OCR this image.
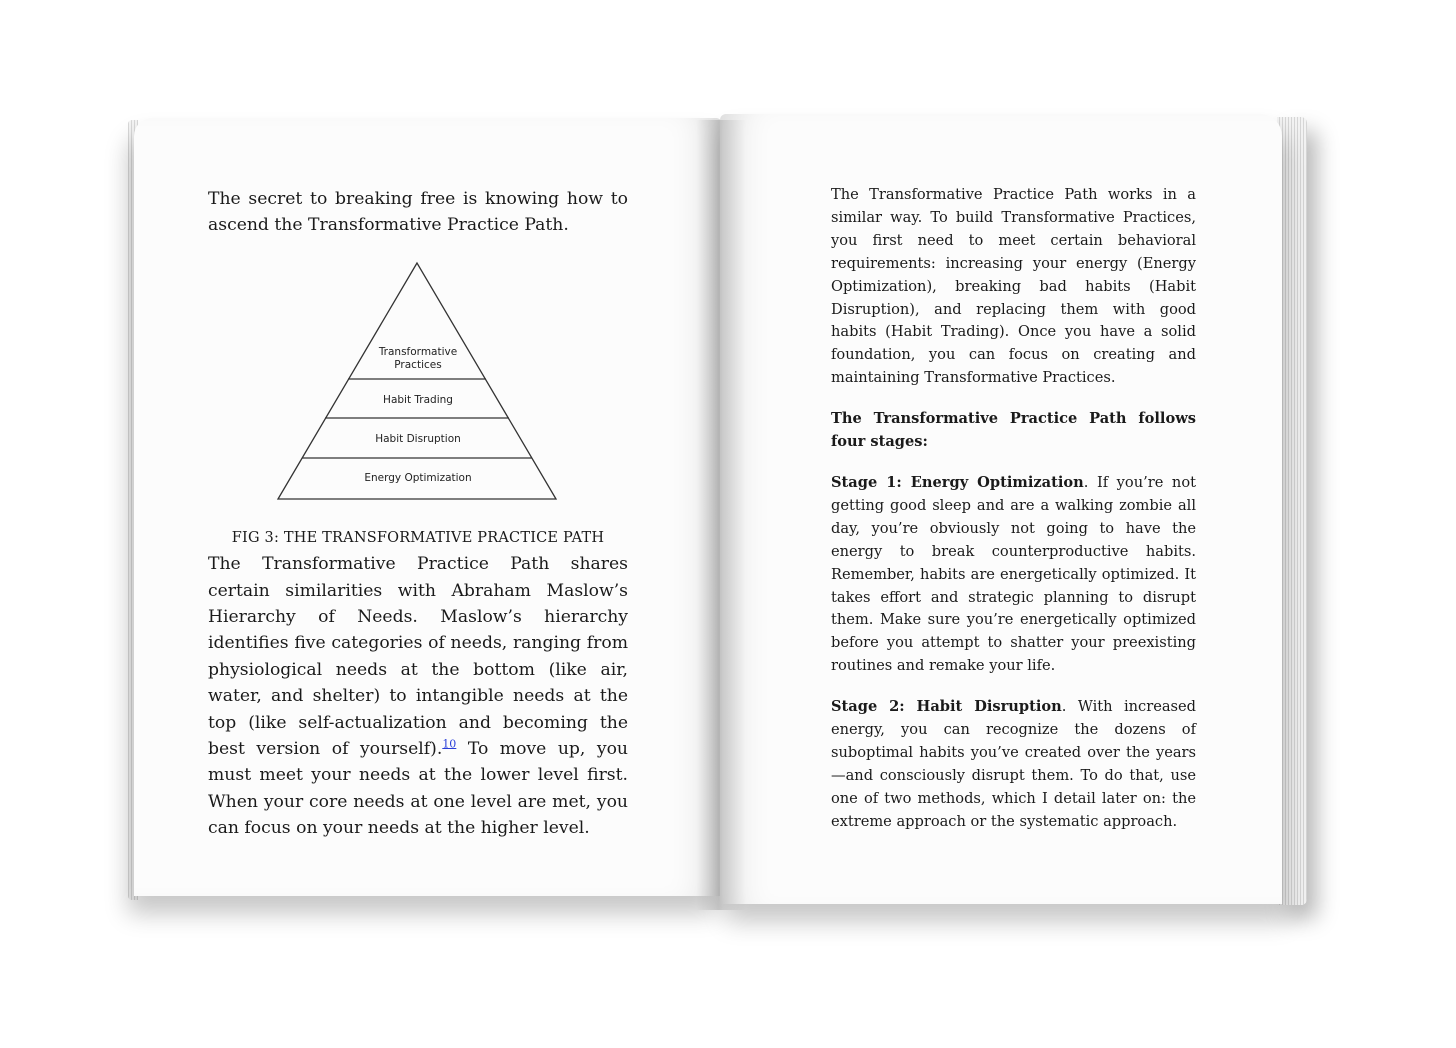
The secret to breaking free is knowing how to ascend the Transformative Practice Path.

Transformative
Practices
Habit Trading
Habit Disruption
Energy Optimization

FIG 3: THE TRANSFORMATIVE PRACTICE PATH

The Transformative Practice Path shares certain similarities with Abraham Maslow’s Hierarchy of Needs. Maslow’s hierarchy identifies five categories of needs, ranging from physiological needs at the bottom (like air, water, and shelter) to intangible needs at the top (like self-actualization and becoming the best version of yourself).$^{10}$ To move up, you must meet your needs at the lower level first. When your core needs at one level are met, you can focus on your needs at the higher level.

The Transformative Practice Path works in a similar way. To build Transformative Practices, you first need to meet certain behavioral requirements: increasing your energy (Energy Optimization), breaking bad habits (Habit Disruption), and replacing them with good habits (Habit Trading). Once you have a solid foundation, you can focus on creating and maintaining Transformative Practices.

The Transformative Practice Path follows four stages:

Stage 1: Energy Optimization. If you’re not getting good sleep and are a walking zombie all day, you’re obviously not going to have the energy to break counterproductive habits. Remember, habits are energetically optimized. It takes effort and strategic planning to disrupt them. Make sure you’re energetically optimized before you attempt to shatter your preexisting routines and remake your life.

Stage 2: Habit Disruption. With increased energy, you can recognize the dozens of suboptimal habits you’ve created over the years—and consciously disrupt them. To do that, use one of two methods, which I detail later on: the extreme approach or the systematic approach.
